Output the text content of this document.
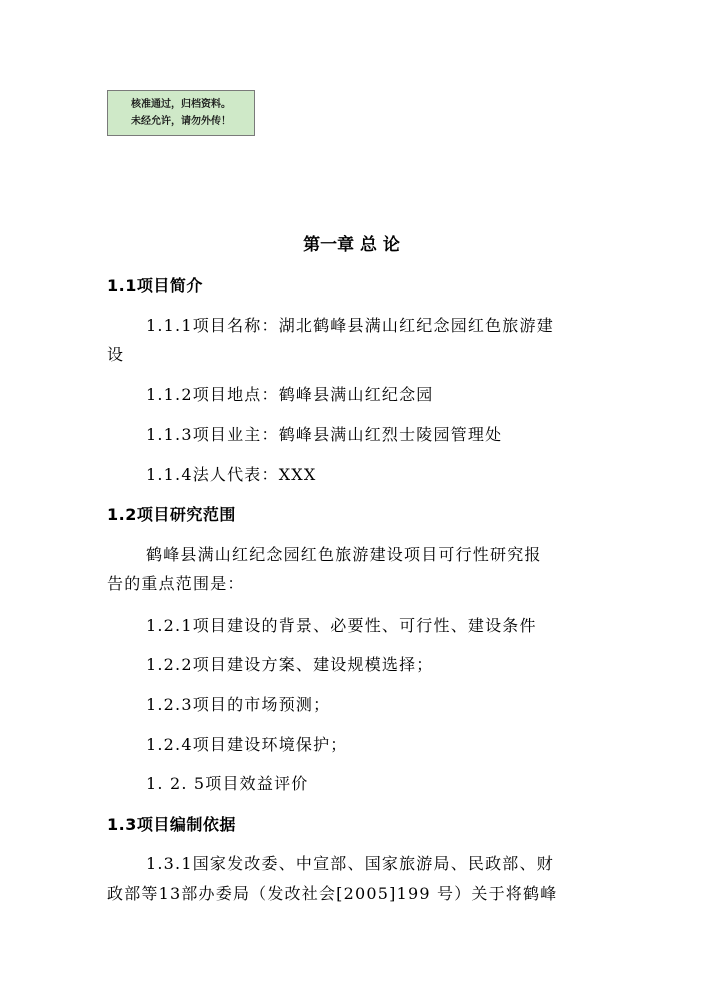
核准通过，归档资料。
未经允许，请勿外传！
第一章 总 论
1.1项目简介
1.1.1项目名称：湖北鹤峰县满山红纪念园红色旅游建
设
1.1.2项目地点：鹤峰县满山红纪念园
1.1.3项目业主：鹤峰县满山红烈士陵园管理处
1.1.4法人代表：XXX
1.2项目研究范围
鹤峰县满山红纪念园红色旅游建设项目可行性研究报
告的重点范围是：
1.2.1项目建设的背景、必要性、可行性、建设条件
1.2.2项目建设方案、建设规模选择；
1.2.3项目的市场预测；
1.2.4项目建设环境保护；
1. 2. 5项目效益评价
1.3项目编制依据
1.3.1国家发改委、中宣部、国家旅游局、民政部、财
政部等13部办委局（发改社会[2005]199 号）关于将鹤峰
